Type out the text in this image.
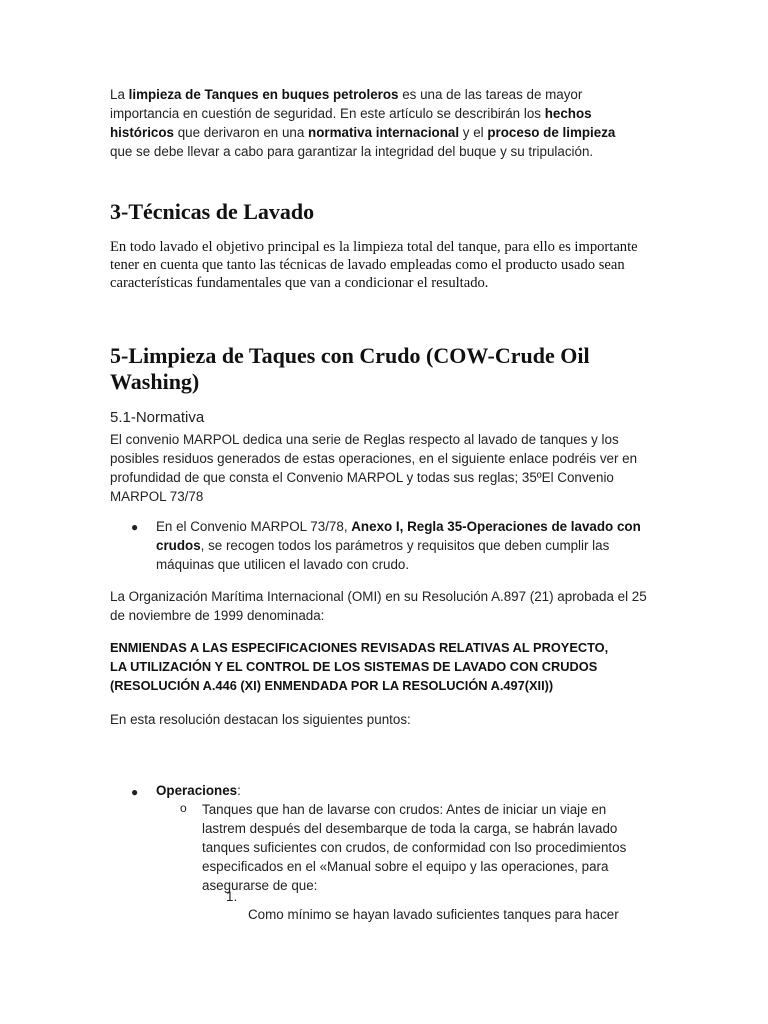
La limpieza de Tanques en buques petroleros es una de las tareas de mayor importancia en cuestión de seguridad. En este artículo se describirán los hechos históricos que derivaron en una normativa internacional y el proceso de limpieza que se debe llevar a cabo para garantizar la integridad del buque y su tripulación.

3-Técnicas de Lavado

En todo lavado el objetivo principal es la limpieza total del tanque, para ello es importante tener en cuenta que tanto las técnicas de lavado empleadas como el producto usado sean características fundamentales que van a condicionar el resultado.

5-Limpieza de Taques con Crudo (COW-Crude Oil Washing)
5.1-Normativa

El convenio MARPOL dedica una serie de Reglas respecto al lavado de tanques y los posibles residuos generados de estas operaciones, en el siguiente enlace podréis ver en profundidad de que consta el Convenio MARPOL y todas sus reglas; 35ºEl Convenio MARPOL 73/78

● En el Convenio MARPOL 73/78, Anexo I, Regla 35-Operaciones de lavado con crudos, se recogen todos los parámetros y requisitos que deben cumplir las máquinas que utilicen el lavado con crudo.

La Organización Marítima Internacional (OMI) en su Resolución A.897 (21) aprobada el 25 de noviembre de 1999 denominada:

ENMIENDAS A LAS ESPECIFICACIONES REVISADAS RELATIVAS AL PROYECTO,
LA UTILIZACIÓN Y EL CONTROL DE LOS SISTEMAS DE LAVADO CON CRUDOS
(RESOLUCIÓN A.446 (XI) ENMENDADA POR LA RESOLUCIÓN A.497(XII))

En esta resolución destacan los siguientes puntos:

● Operaciones:

o Tanques que han de lavarse con crudos: Antes de iniciar un viaje en lastrem después del desembarque de toda la carga, se habrán lavado tanques suficientes con crudos, de conformidad con lso procedimientos especificados en el «Manual sobre el equipo y las operaciones, para asegurarse de que:

1.

Como mínimo se hayan lavado suficientes tanques para hacer
